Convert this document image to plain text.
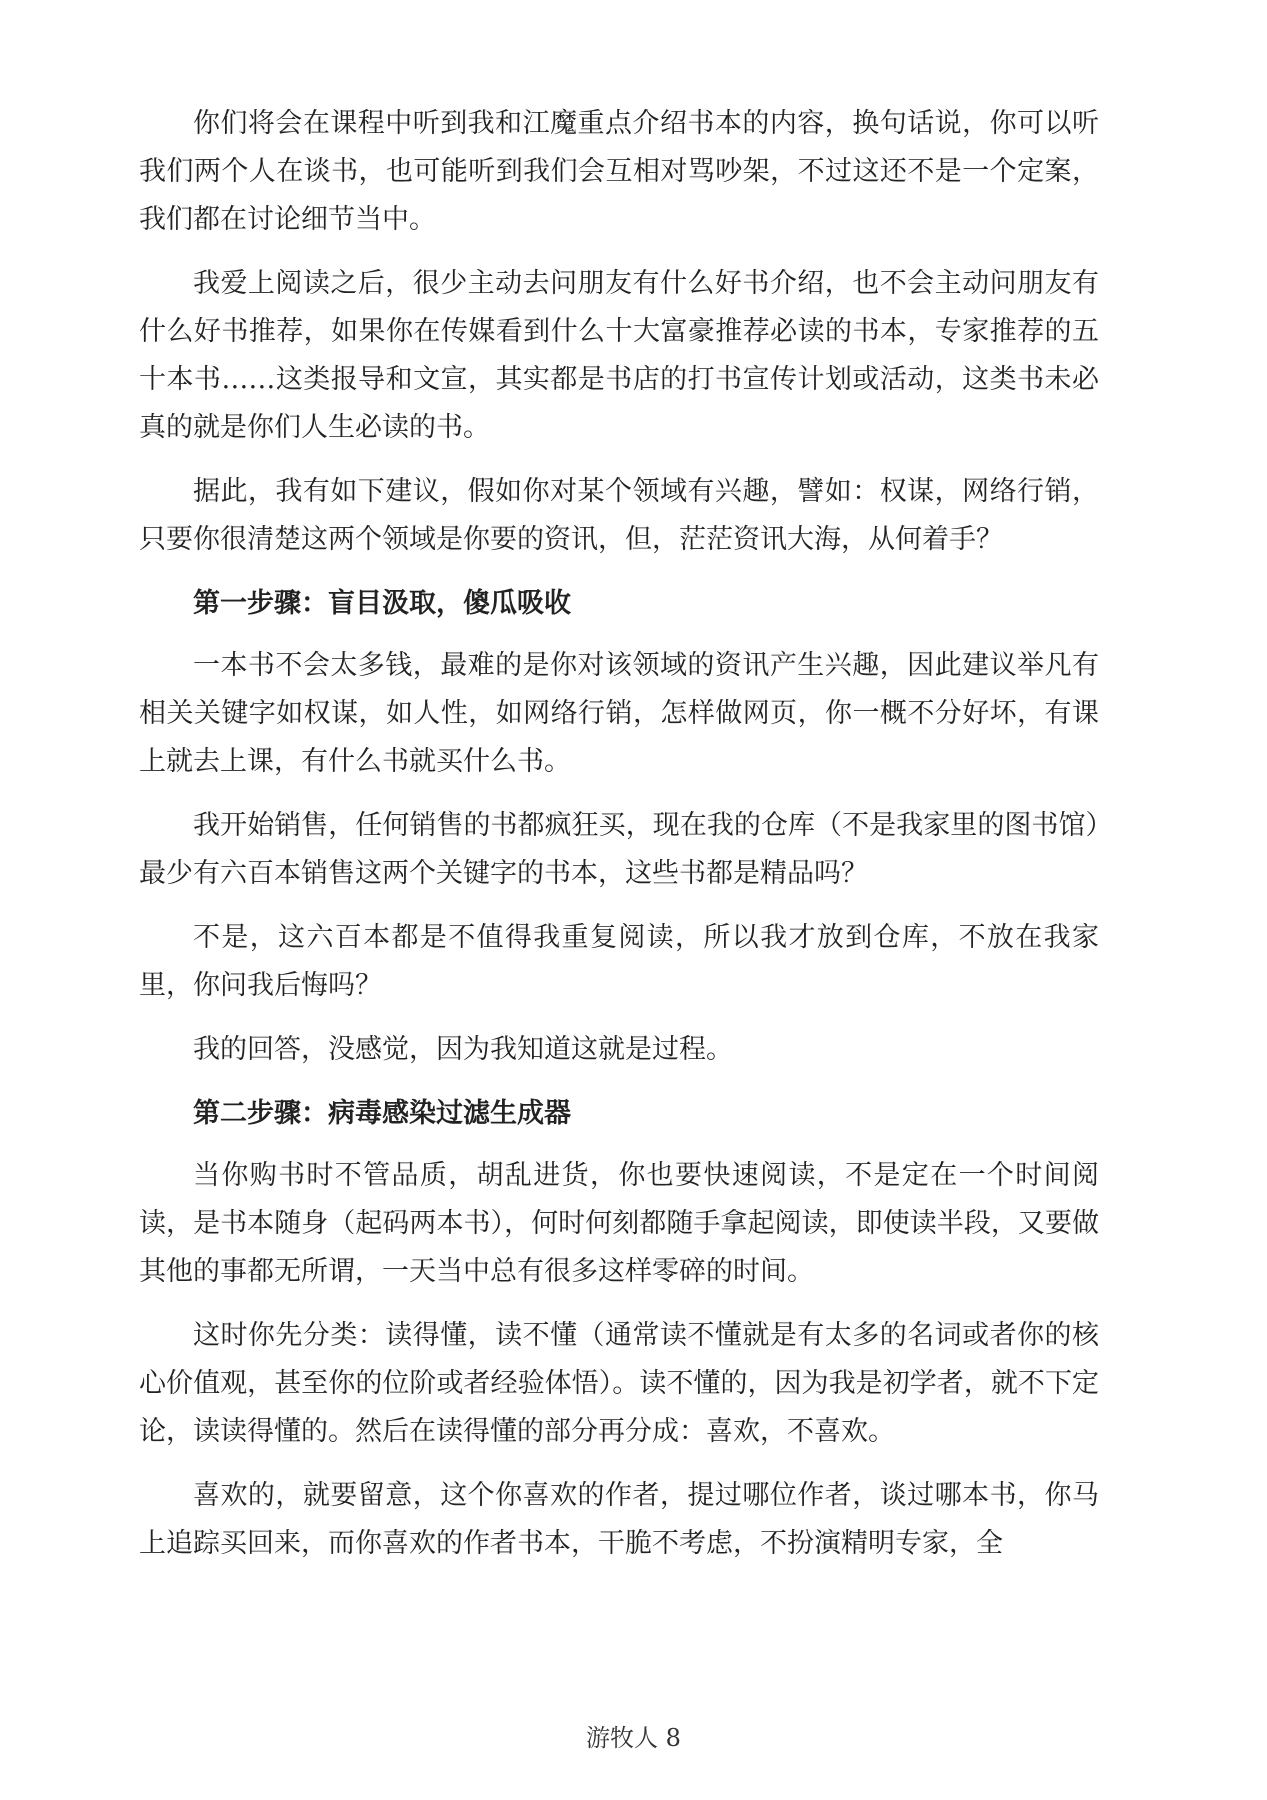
你们将会在课程中听到我和江魔重点介绍书本的内容，换句话说，你可以听我们两个人在谈书，也可能听到我们会互相对骂吵架，不过这还不是一个定案，我们都在讨论细节当中。

我爱上阅读之后，很少主动去问朋友有什么好书介绍，也不会主动问朋友有什么好书推荐，如果你在传媒看到什么十大富豪推荐必读的书本，专家推荐的五十本书……这类报导和文宣，其实都是书店的打书宣传计划或活动，这类书未必真的就是你们人生必读的书。

据此，我有如下建议，假如你对某个领域有兴趣，譬如：权谋，网络行销，只要你很清楚这两个领域是你要的资讯，但，茫茫资讯大海，从何着手？

第一步骤：盲目汲取，傻瓜吸收

一本书不会太多钱，最难的是你对该领域的资讯产生兴趣，因此建议举凡有相关关键字如权谋，如人性，如网络行销，怎样做网页，你一概不分好坏，有课上就去上课，有什么书就买什么书。

我开始销售，任何销售的书都疯狂买，现在我的仓库（不是我家里的图书馆）最少有六百本销售这两个关键字的书本，这些书都是精品吗？

不是，这六百本都是不值得我重复阅读，所以我才放到仓库，不放在我家里，你问我后悔吗？

我的回答，没感觉，因为我知道这就是过程。

第二步骤：病毒感染过滤生成器

当你购书时不管品质，胡乱进货，你也要快速阅读，不是定在一个时间阅读，是书本随身（起码两本书），何时何刻都随手拿起阅读，即使读半段，又要做其他的事都无所谓，一天当中总有很多这样零碎的时间。

这时你先分类：读得懂，读不懂（通常读不懂就是有太多的名词或者你的核心价值观，甚至你的位阶或者经验体悟）。读不懂的，因为我是初学者，就不下定论，读读得懂的。然后在读得懂的部分再分成：喜欢，不喜欢。

喜欢的，就要留意，这个你喜欢的作者，提过哪位作者，谈过哪本书，你马上追踪买回来，而你喜欢的作者书本，干脆不考虑，不扮演精明专家，全

游牧人 8
